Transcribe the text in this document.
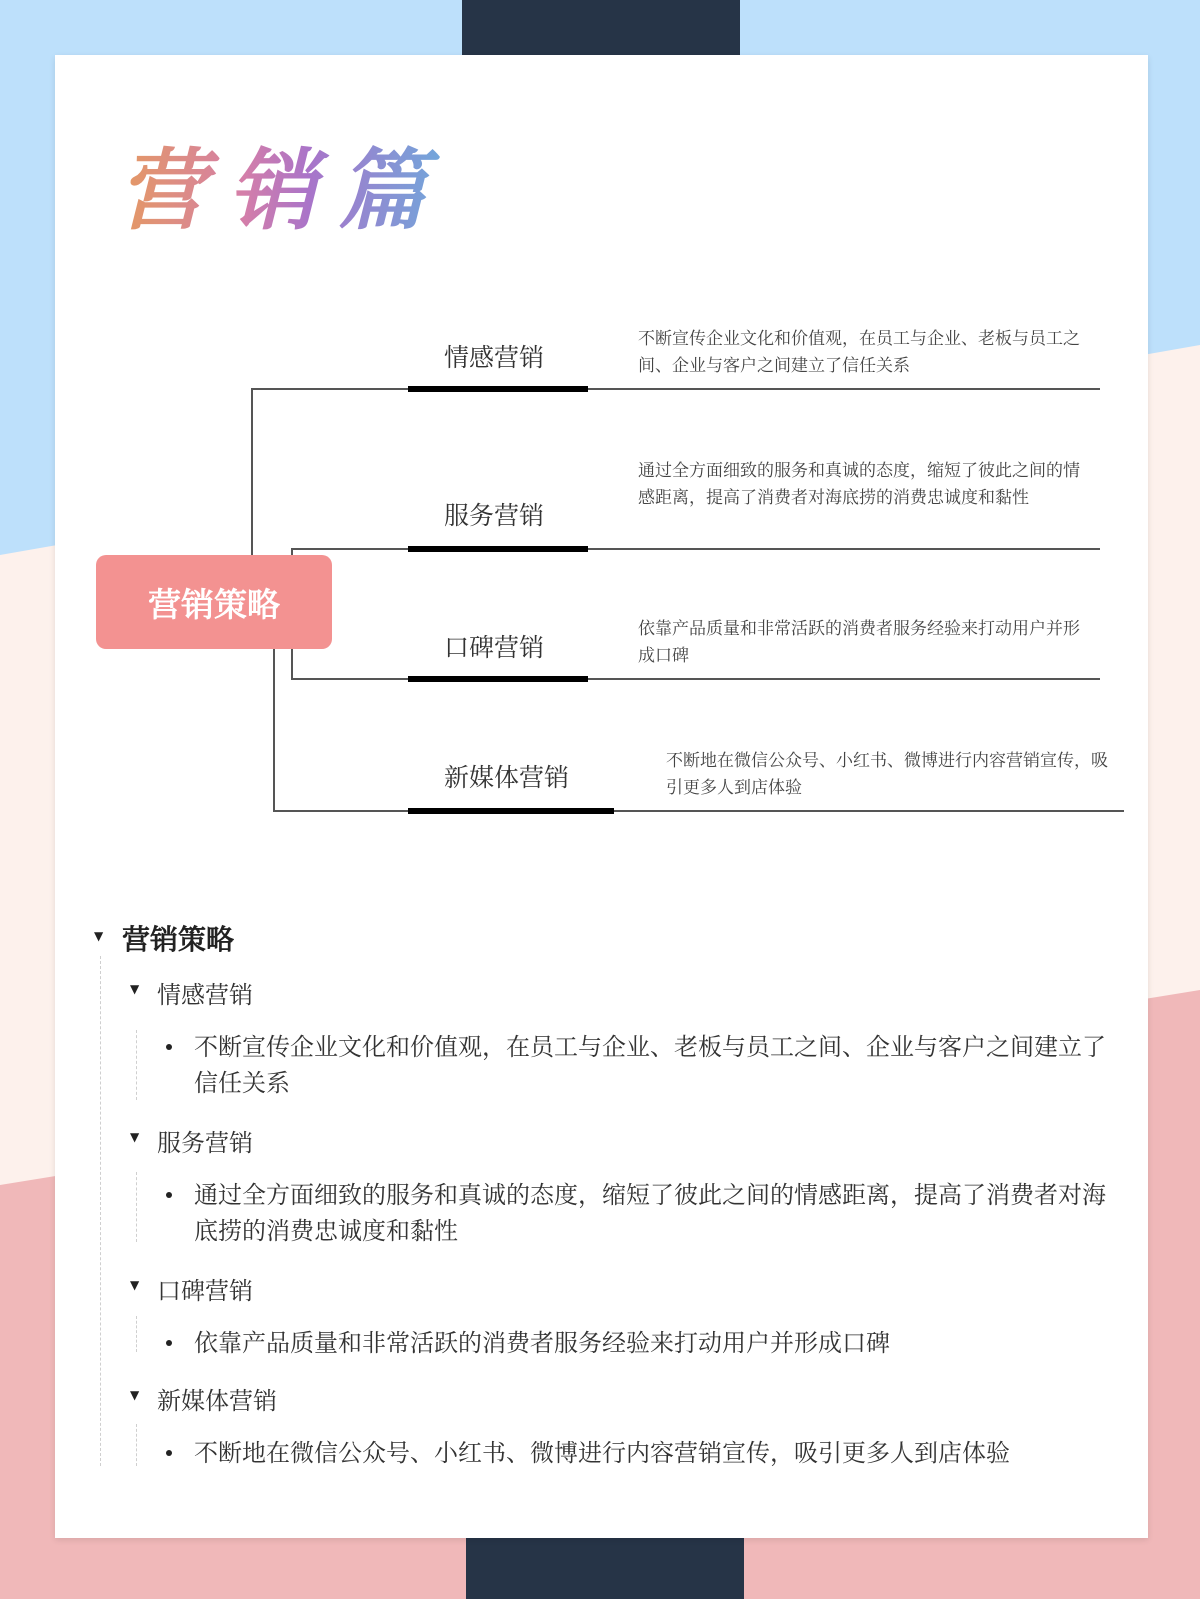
营销篇
营销策略
情感营销
不断宣传企业文化和价值观，在员工与企业、老板与员工之间、企业与客户之间建立了信任关系
服务营销
通过全方面细致的服务和真诚的态度，缩短了彼此之间的情感距离，提高了消费者对海底捞的消费忠诚度和黏性
口碑营销
依靠产品质量和非常活跃的消费者服务经验来打动用户并形成口碑
新媒体营销
不断地在微信公众号、小红书、微博进行内容营销宣传，吸引更多人到店体验
▼ 营销策略
▼ 情感营销
不断宣传企业文化和价值观，在员工与企业、老板与员工之间、企业与客户之间建立了信任关系
▼ 服务营销
通过全方面细致的服务和真诚的态度，缩短了彼此之间的情感距离，提高了消费者对海底捞的消费忠诚度和黏性
▼ 口碑营销
依靠产品质量和非常活跃的消费者服务经验来打动用户并形成口碑
▼ 新媒体营销
不断地在微信公众号、小红书、微博进行内容营销宣传，吸引更多人到店体验
